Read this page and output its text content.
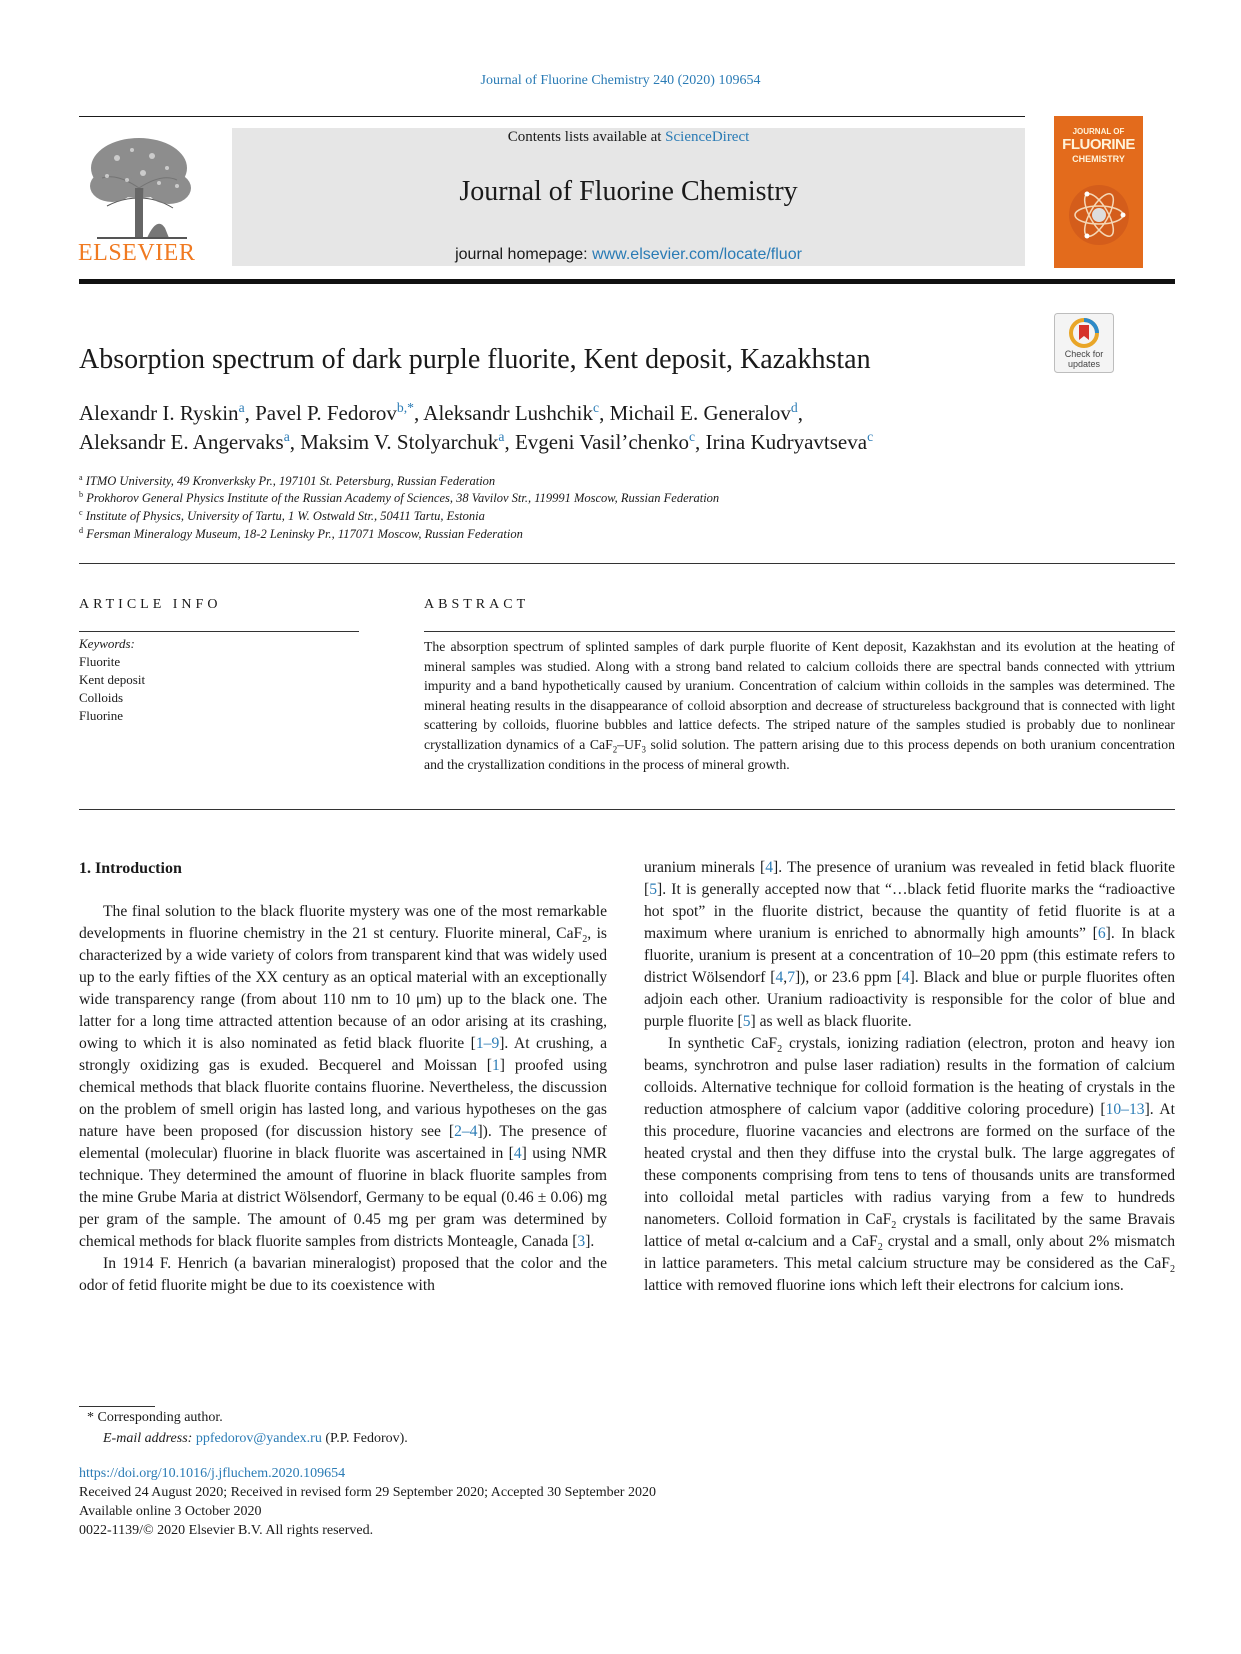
Journal of Fluorine Chemistry 240 (2020) 109654
ELSEVIER
Contents lists available at ScienceDirect
Journal of Fluorine Chemistry
journal homepage: www.elsevier.com/locate/fluor
JOURNAL OF
FLUORINE
CHEMISTRY
Check for updates
Absorption spectrum of dark purple fluorite, Kent deposit, Kazakhstan
Alexandr I. Ryskin$^a$, Pavel P. Fedorov$^{b,*}$, Aleksandr Lushchik$^c$, Michail E. Generalov$^d$,
Aleksandr E. Angervaks$^a$, Maksim V. Stolyarchuk$^a$, Evgeni Vasil’chenko$^c$, Irina Kudryavtseva$^c$
$^a$ ITMO University, 49 Kronverksky Pr., 197101 St. Petersburg, Russian Federation
$^b$ Prokhorov General Physics Institute of the Russian Academy of Sciences, 38 Vavilov Str., 119991 Moscow, Russian Federation
$^c$ Institute of Physics, University of Tartu, 1 W. Ostwald Str., 50411 Tartu, Estonia
$^d$ Fersman Mineralogy Museum, 18-2 Leninsky Pr., 117071 Moscow, Russian Federation
ARTICLE INFO	ABSTRACT
Keywords:
Fluorite
Kent deposit
Colloids
Fluorine
The absorption spectrum of splinted samples of dark purple fluorite of Kent deposit, Kazakhstan and its evolution at the heating of mineral samples was studied. Along with a strong band related to calcium colloids there are spectral bands connected with yttrium impurity and a band hypothetically caused by uranium. Concentration of calcium within colloids in the samples was determined. The mineral heating results in the disappearance of colloid absorption and decrease of structureless background that is connected with light scattering by colloids, fluorine bubbles and lattice defects. The striped nature of the samples studied is probably due to nonlinear crystallization dynamics of a $CaF_2-UF_3$ solid solution. The pattern arising due to this process depends on both uranium concentration and the crystallization conditions in the process of mineral growth.
1. Introduction

The final solution to the black fluorite mystery was one of the most remarkable developments in fluorine chemistry in the 21 st century. Fluorite mineral, CaF$_2$, is characterized by a wide variety of colors from transparent kind that was widely used up to the early fifties of the XX century as an optical material with an exceptionally wide transparency range (from about 110 nm to 10 μm) up to the black one. The latter for a long time attracted attention because of an odor arising at its crashing, owing to which it is also nominated as fetid black fluorite [1–9]. At crushing, a strongly oxidizing gas is exuded. Becquerel and Moissan [1] proofed using chemical methods that black fluorite contains fluorine. Nevertheless, the discussion on the problem of smell origin has lasted long, and various hypotheses on the gas nature have been proposed (for discussion history see [2–4]). The presence of elemental (molecular) fluorine in black fluorite was ascertained in [4] using NMR technique. They determined the amount of fluorine in black fluorite samples from the mine Grube Maria at district Wölsendorf, Germany to be equal (0.46 ± 0.06) mg per gram of the sample. The amount of 0.45 mg per gram was determined by chemical methods for black fluorite samples from districts Monteagle, Canada [3].

In 1914 F. Henrich (a bavarian mineralogist) proposed that the color and the odor of fetid fluorite might be due to its coexistence with

uranium minerals [4]. The presence of uranium was revealed in fetid black fluorite [5]. It is generally accepted now that “…black fetid fluorite marks the “radioactive hot spot” in the fluorite district, because the quantity of fetid fluorite is at a maximum where uranium is enriched to abnormally high amounts” [6]. In black fluorite, uranium is present at a concentration of 10–20 ppm (this estimate refers to district Wölsendorf [4,7]), or 23.6 ppm [4]. Black and blue or purple fluorites often adjoin each other. Uranium radioactivity is responsible for the color of blue and purple fluorite [5] as well as black fluorite.

In synthetic CaF$_2$ crystals, ionizing radiation (electron, proton and heavy ion beams, synchrotron and pulse laser radiation) results in the formation of calcium colloids. Alternative technique for colloid formation is the heating of crystals in the reduction atmosphere of calcium vapor (additive coloring procedure) [10–13]. At this procedure, fluorine vacancies and electrons are formed on the surface of the heated crystal and then they diffuse into the crystal bulk. The large aggregates of these components comprising from tens to tens of thousands units are transformed into colloidal metal particles with radius varying from a few to hundreds nanometers. Colloid formation in CaF$_2$ crystals is facilitated by the same Bravais lattice of metal α-calcium and a CaF$_2$ crystal and a small, only about 2% mismatch in lattice parameters. This metal calcium structure may be considered as the CaF$_2$ lattice with removed fluorine ions which left their electrons for calcium ions.

* Corresponding author.
E-mail address: ppfedorov@yandex.ru (P.P. Fedorov).
https://doi.org/10.1016/j.jfluchem.2020.109654
Received 24 August 2020; Received in revised form 29 September 2020; Accepted 30 September 2020
Available online 3 October 2020
0022-1139/© 2020 Elsevier B.V. All rights reserved.
